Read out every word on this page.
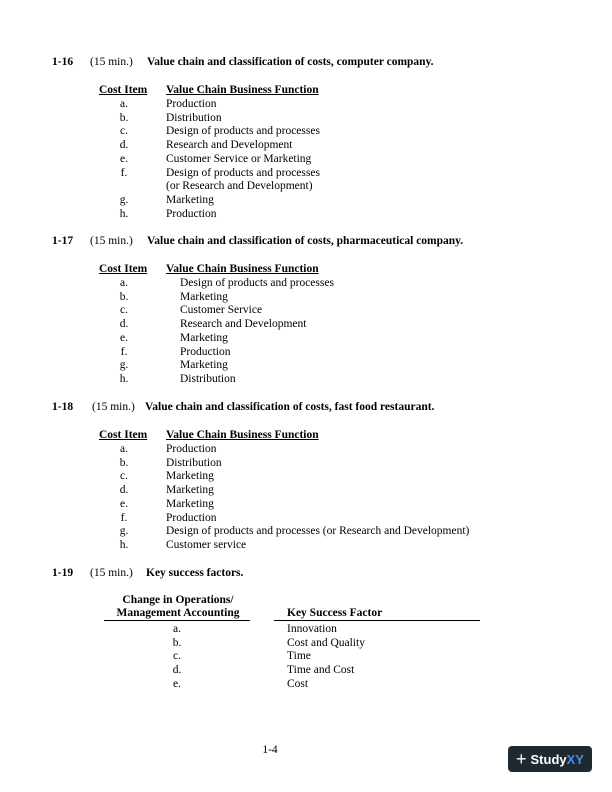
1-16 (15 min.) Value chain and classification of costs, computer company.
Cost Item Value Chain Business Function
a.	Production
b.	Distribution
c.	Design of products and processes
d.	Research and Development
e.	Customer Service or Marketing
f.	Design of products and processes
(or Research and Development)
g.	Marketing
h.	Production
1-17 (15 min.) Value chain and classification of costs, pharmaceutical company.
Cost Item Value Chain Business Function
a.	Design of products and processes
b.	Marketing
c.	Customer Service
d.	Research and Development
e.	Marketing
f.	Production
g.	Marketing
h.	Distribution
1-18 (15 min.) Value chain and classification of costs, fast food restaurant.
Cost Item Value Chain Business Function
a.	Production
b.	Distribution
c.	Marketing
d.	Marketing
e.	Marketing
f.	Production
g.	Design of products and processes (or Research and Development)
h.	Customer service
1-19 (15 min.) Key success factors.
Change in Operations/
Management Accounting	Key Success Factor
a.	Innovation
b.	Cost and Quality
c.	Time
d.	Time and Cost
e.	Cost
1-4	+ Study XY
